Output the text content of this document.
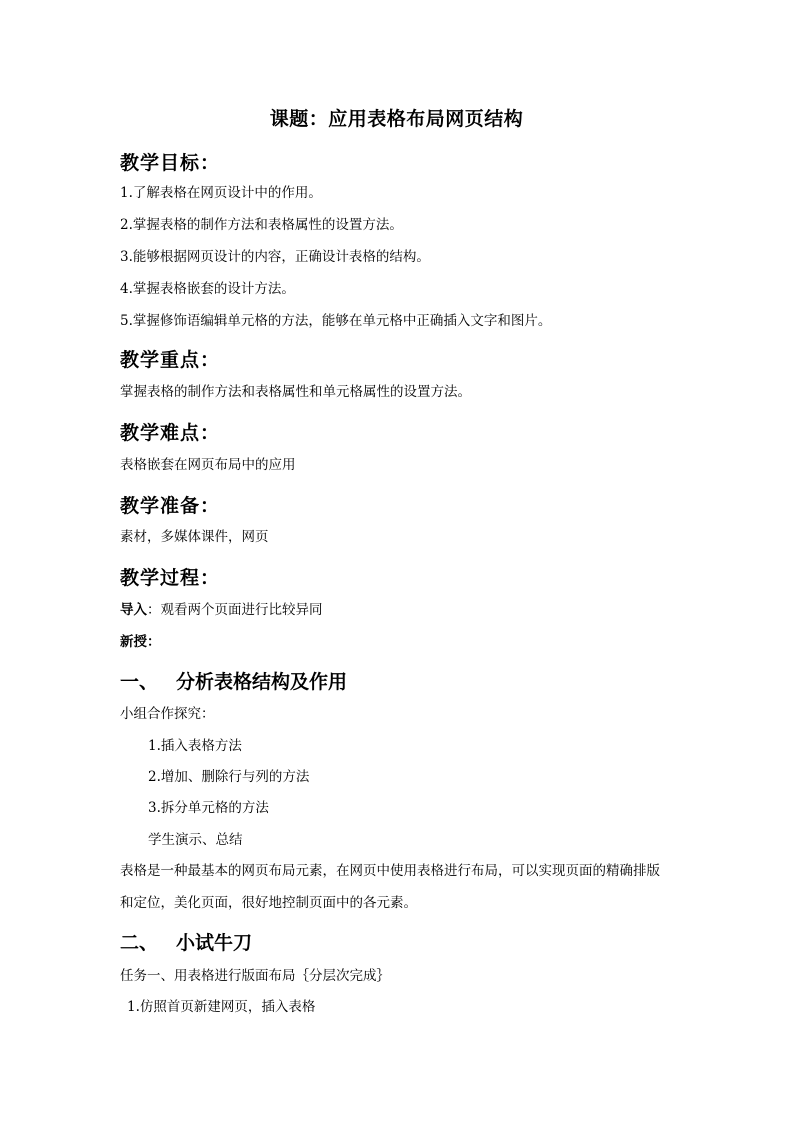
课题：应用表格布局网页结构
教学目标：
1.了解表格在网页设计中的作用。
2.掌握表格的制作方法和表格属性的设置方法。
3.能够根据网页设计的内容，正确设计表格的结构。
4.掌握表格嵌套的设计方法。
5.掌握修饰语编辑单元格的方法，能够在单元格中正确插入文字和图片。
教学重点：
掌握表格的制作方法和表格属性和单元格属性的设置方法。
教学难点：
表格嵌套在网页布局中的应用
教学准备：
素材，多媒体课件，网页
教学过程：
导入：观看两个页面进行比较异同
新授：
一、 分析表格结构及作用
小组合作探究：
1.插入表格方法
2.增加、删除行与列的方法
3.拆分单元格的方法
学生演示、总结
表格是一种最基本的网页布局元素，在网页中使用表格进行布局，可以实现页面的精确排版
和定位，美化页面，很好地控制页面中的各元素。
二、 小试牛刀
任务一、用表格进行版面布局｛分层次完成｝
1.仿照首页新建网页，插入表格
